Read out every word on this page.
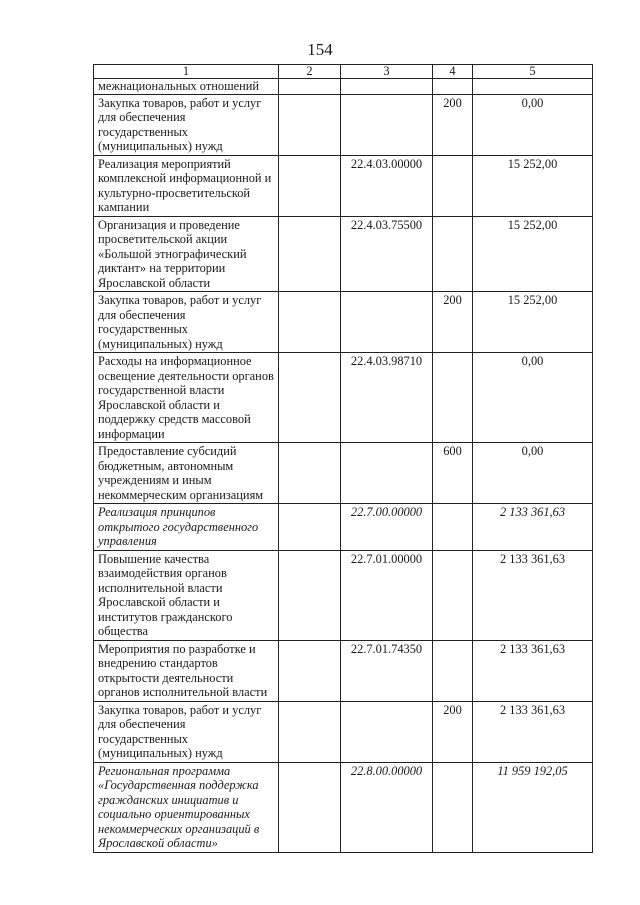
154
1	2	3	4	5
межнациональных отношений				
Закупка товаров, работ и услуг для обеспечения государственных (муниципальных) нужд			200	0,00
Реализация мероприятий комплексной информационной и культурно-просветительской кампании		22.4.03.00000		15 252,00
Организация и проведение просветительской акции «Большой этнографический диктант» на территории Ярославской области		22.4.03.75500		15 252,00
Закупка товаров, работ и услуг для обеспечения государственных (муниципальных) нужд			200	15 252,00
Расходы на информационное освещение деятельности органов государственной власти Ярославской области и поддержку средств массовой информации		22.4.03.98710		0,00
Предоставление субсидий бюджетным, автономным учреждениям и иным некоммерческим организациям			600	0,00
Реализация принципов открытого государственного управления		22.7.00.00000		2 133 361,63
Повышение качества взаимодействия органов исполнительной власти Ярославской области и институтов гражданского общества		22.7.01.00000		2 133 361,63
Мероприятия по разработке и внедрению стандартов открытости деятельности органов исполнительной власти		22.7.01.74350		2 133 361,63
Закупка товаров, работ и услуг для обеспечения государственных (муниципальных) нужд			200	2 133 361,63
Региональная программа «Государственная поддержка гражданских инициатив и социально ориентированных некоммерческих организаций в Ярославской области»		22.8.00.00000		11 959 192,05
